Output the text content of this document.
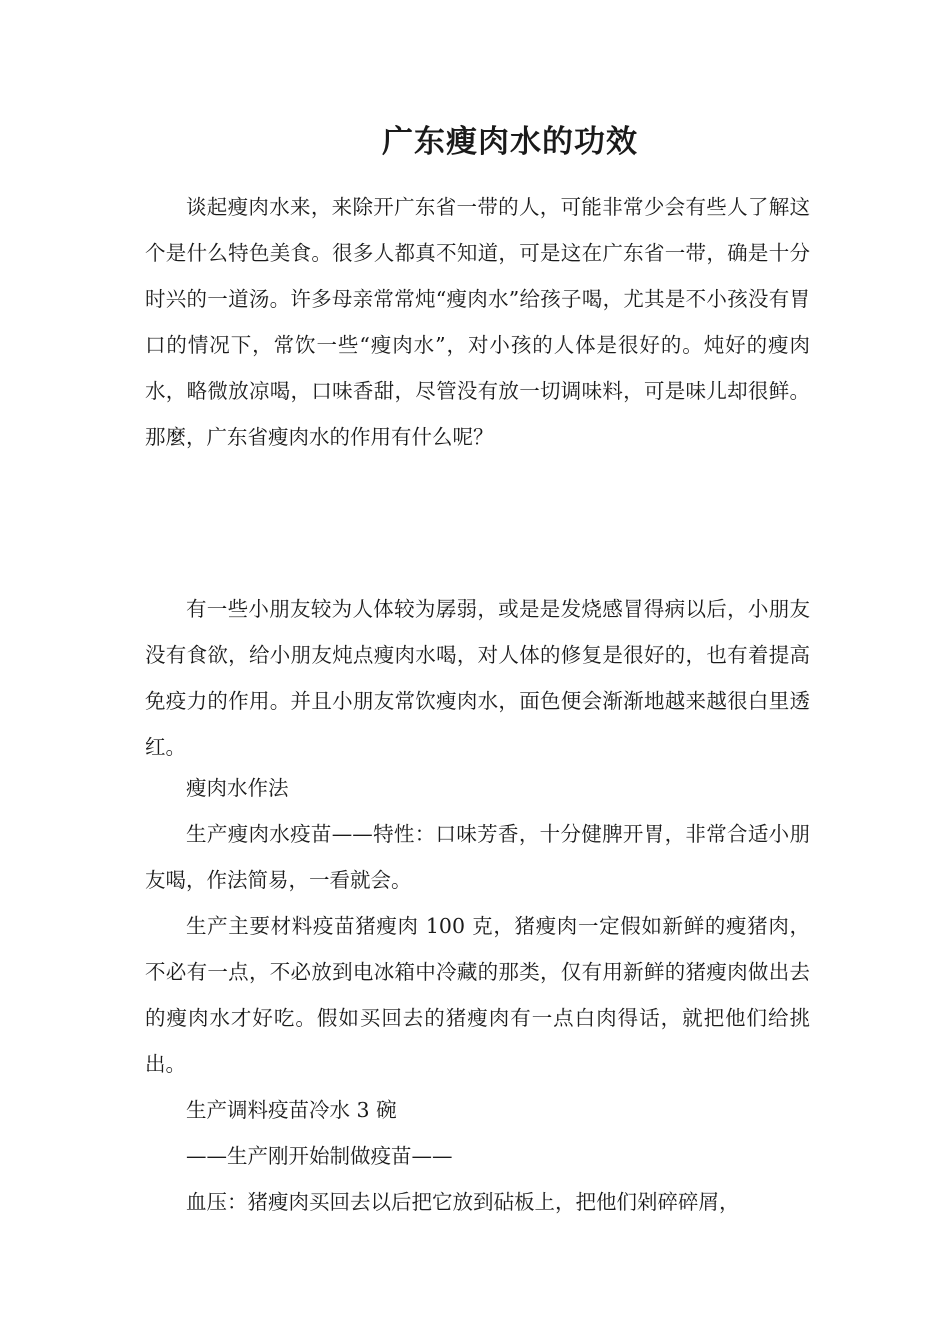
广东瘦肉水的功效

谈起瘦肉水来，来除开广东省一带的人，可能非常少会有些人了解这个是什么特色美食。很多人都真不知道，可是这在广东省一带，确是十分时兴的一道汤。许多母亲常常炖“瘦肉水”给孩子喝，尤其是不小孩没有胃口的情况下，常饮一些“瘦肉水”，对小孩的人体是很好的。炖好的瘦肉水，略微放凉喝，口味香甜，尽管没有放一切调味料，可是味儿却很鲜。那麼，广东省瘦肉水的作用有什么呢？

有一些小朋友较为人体较为孱弱，或是是发烧感冒得病以后，小朋友没有食欲，给小朋友炖点瘦肉水喝，对人体的修复是很好的，也有着提高免疫力的作用。并且小朋友常饮瘦肉水，面色便会渐渐地越来越很白里透红。

瘦肉水作法

生产瘦肉水疫苗——特性：口味芳香，十分健脾开胃，非常合适小朋友喝，作法简易，一看就会。

生产主要材料疫苗猪瘦肉 100 克，猪瘦肉一定假如新鲜的瘦猪肉，不必有一点，不必放到电冰箱中冷藏的那类，仅有用新鲜的猪瘦肉做出去的瘦肉水才好吃。假如买回去的猪瘦肉有一点白肉得话，就把他们给挑出。

生产调料疫苗冷水 3 碗

——生产刚开始制做疫苗——

血压：猪瘦肉买回去以后把它放到砧板上，把他们剁碎碎屑，
